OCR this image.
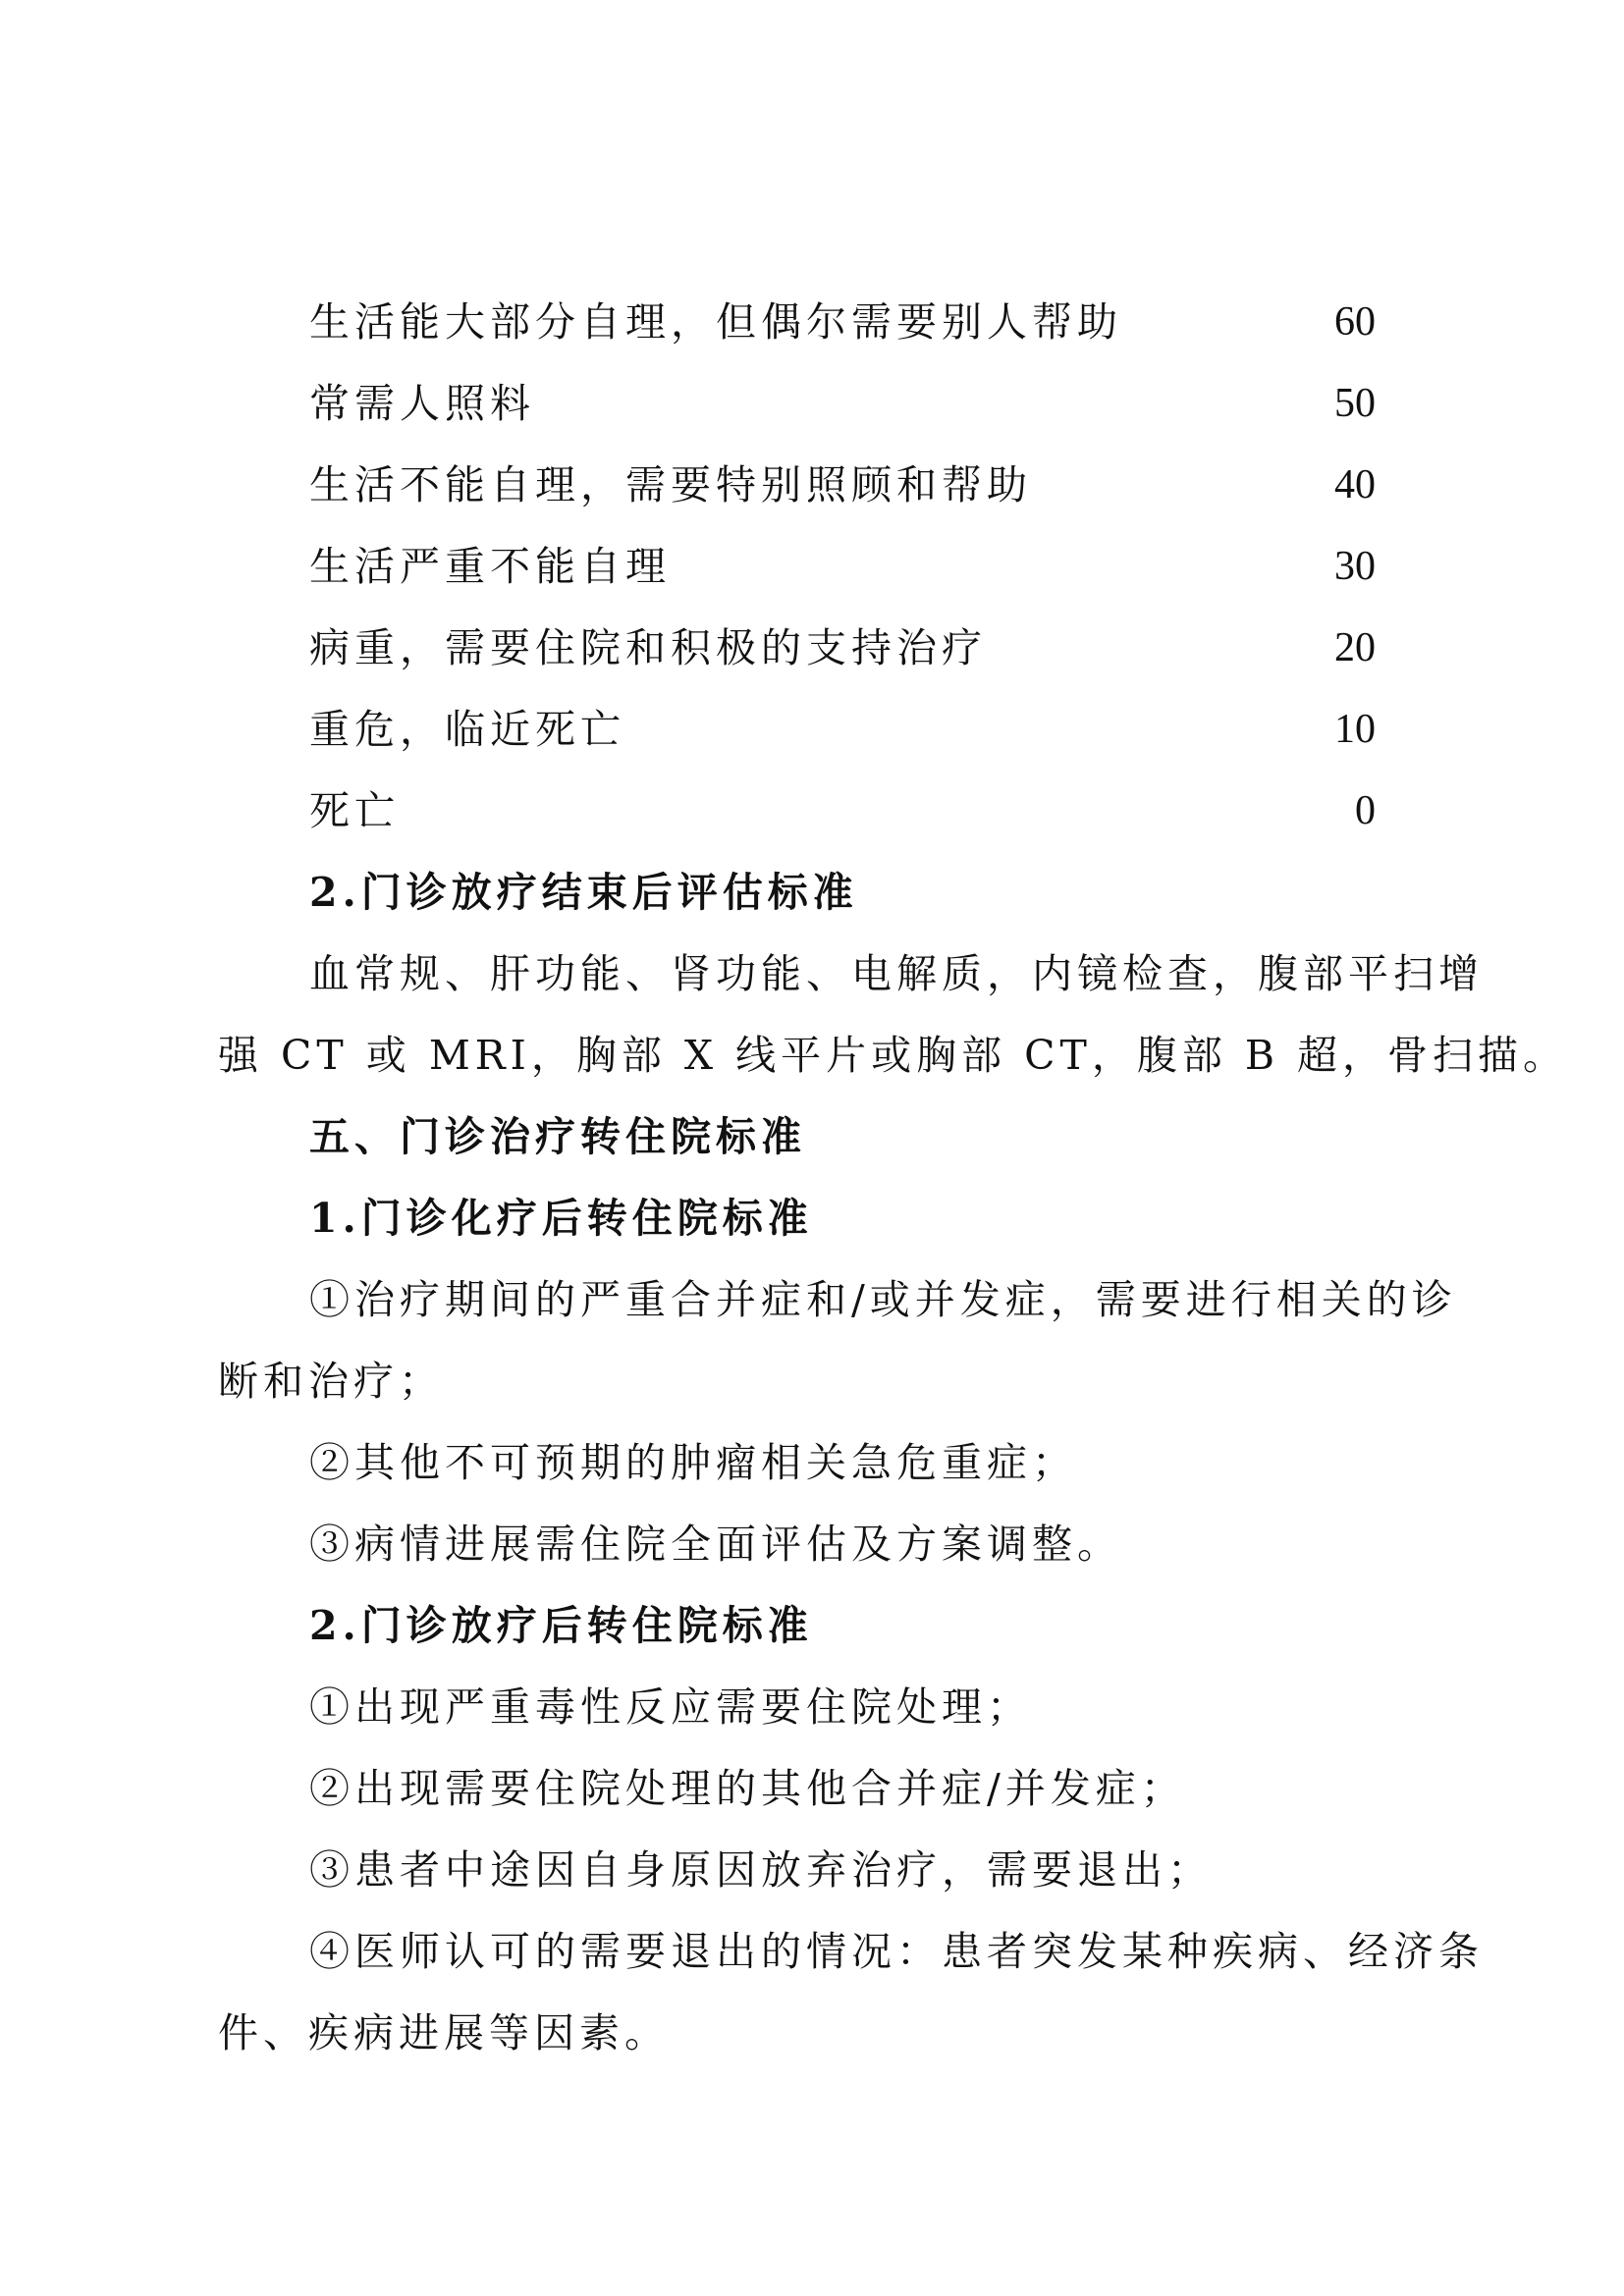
生活能大部分自理，但偶尔需要别人帮助	60
常需人照料	50
生活不能自理，需要特别照顾和帮助	40
生活严重不能自理	30
病重，需要住院和积极的支持治疗	20
重危，临近死亡	10
死亡	0
2.门诊放疗结束后评估标准
血常规、肝功能、肾功能、电解质，内镜检查，腹部平扫增
强 CT 或 MRI，胸部 X 线平片或胸部 CT，腹部 B 超，骨扫描。
五、门诊治疗转住院标准
1.门诊化疗后转住院标准
①治疗期间的严重合并症和/或并发症，需要进行相关的诊
断和治疗；
②其他不可预期的肿瘤相关急危重症；
③病情进展需住院全面评估及方案调整。
2.门诊放疗后转住院标准
①出现严重毒性反应需要住院处理；
②出现需要住院处理的其他合并症/并发症；
③患者中途因自身原因放弃治疗，需要退出；
④医师认可的需要退出的情况：患者突发某种疾病、经济条
件、疾病进展等因素。
